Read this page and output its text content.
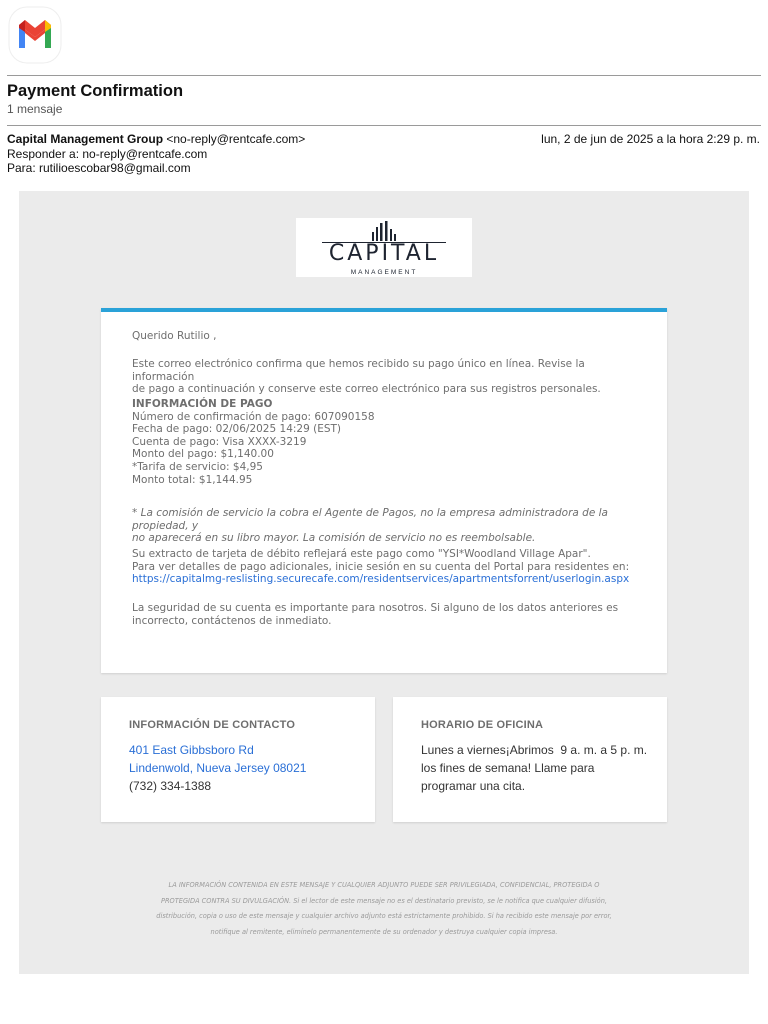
Payment Confirmation
1 mensaje
Capital Management Group <no-reply@rentcafe.com>
Responder a: no-reply@rentcafe.com
Para: rutilioescobar98@gmail.com
lun, 2 de jun de 2025 a la hora 2:29 p. m.
CAPITAL
MANAGEMENT
Querido Rutilio ,
Este correo electrónico confirma que hemos recibido su pago único en línea. Revise la información
de pago a continuación y conserve este correo electrónico para sus registros personales.
INFORMACIÓN DE PAGO
Número de confirmación de pago: 607090158
Fecha de pago: 02/06/2025 14:29 (EST)
Cuenta de pago: Visa XXXX-3219
Monto del pago: $1,140.00
*Tarifa de servicio: $4,95
Monto total: $1,144.95
* La comisión de servicio la cobra el Agente de Pagos, no la empresa administradora de la propiedad, y
no aparecerá en su libro mayor. La comisión de servicio no es reembolsable.
Su extracto de tarjeta de débito reflejará este pago como "YSI*Woodland Village Apar".
Para ver detalles de pago adicionales, inicie sesión en su cuenta del Portal para residentes en:
https://capitalmg-reslisting.securecafe.com/residentservices/apartmentsforrent/userlogin.aspx
La seguridad de su cuenta es importante para nosotros. Si alguno de los datos anteriores es
incorrecto, contáctenos de inmediato.
INFORMACIÓN DE CONTACTO
401 East Gibbsboro Rd
Lindenwold, Nueva Jersey 08021
(732) 334-1388
HORARIO DE OFICINA
Lunes a viernes¡Abrimos  9 a. m. a 5 p. m.
los fines de semana! Llame para
programar una cita.
LA INFORMACIÓN CONTENIDA EN ESTE MENSAJE Y CUALQUIER ADJUNTO PUEDE SER PRIVILEGIADA, CONFIDENCIAL, PROTEGIDA O
PROTEGIDA CONTRA SU DIVULGACIÓN. Si el lector de este mensaje no es el destinatario previsto, se le notifica que cualquier difusión,
distribución, copia o uso de este mensaje y cualquier archivo adjunto está estrictamente prohibido. Si ha recibido este mensaje por error,
notifique al remitente, elimínelo permanentemente de su ordenador y destruya cualquier copia impresa.
